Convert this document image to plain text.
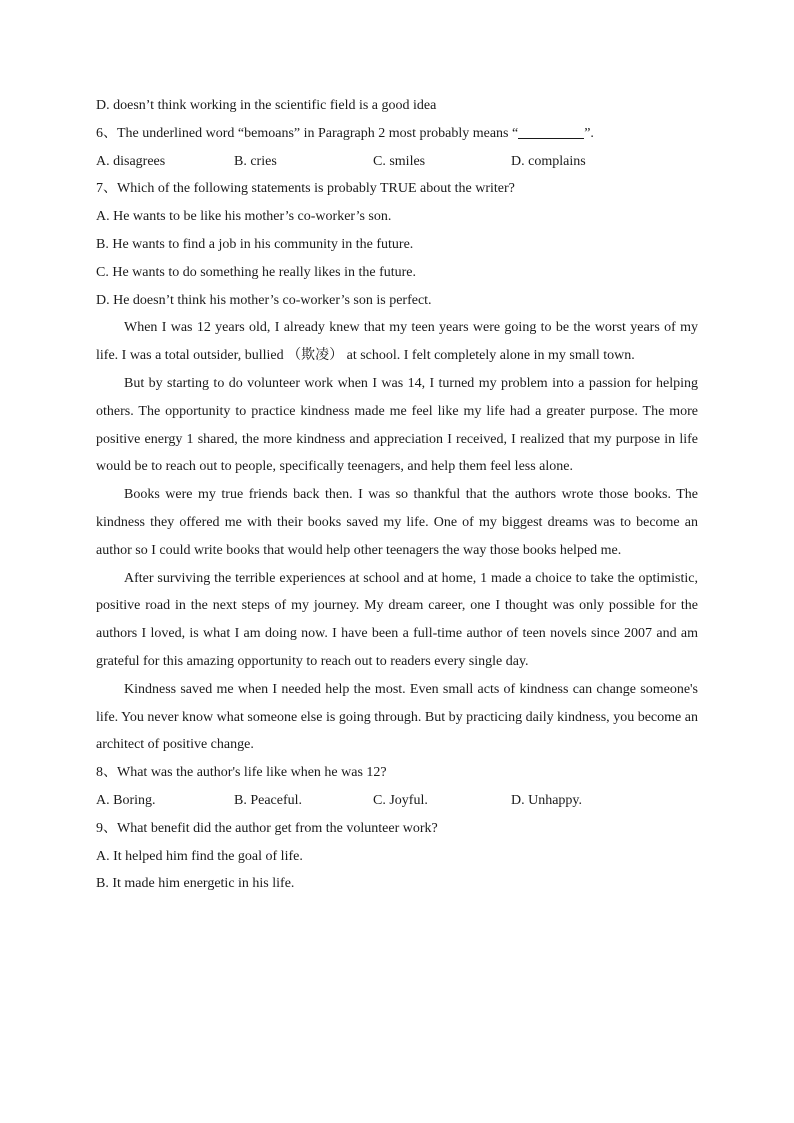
D. doesn’t think working in the scientific field is a good idea
6、The underlined word “bemoans” in Paragraph 2 most probably means “	”.
A. disagrees	B. cries	C. smiles	D. complains
7、Which of the following statements is probably TRUE about the writer?
A. He wants to be like his mother’s co-worker’s son.
B. He wants to find a job in his community in the future.
C. He wants to do something he really likes in the future.
D. He doesn’t think his mother’s co-worker’s son is perfect.

When I was 12 years old, I already knew that my teen years were going to be the worst years of my life. I was a total outsider, bullied （欺凌） at school. I felt completely alone in my small town.

But by starting to do volunteer work when I was 14, I turned my problem into a passion for helping others. The opportunity to practice kindness made me feel like my life had a greater purpose. The more positive energy 1 shared, the more kindness and appreciation I received, I realized that my purpose in life would be to reach out to people, specifically teenagers, and help them feel less alone.

Books were my true friends back then. I was so thankful that the authors wrote those books. The kindness they offered me with their books saved my life. One of my biggest dreams was to become an author so I could write books that would help other teenagers the way those books helped me.

After surviving the terrible experiences at school and at home, 1 made a choice to take the optimistic, positive road in the next steps of my journey. My dream career, one I thought was only possible for the authors I loved, is what I am doing now. I have been a full-time author of teen novels since 2007 and am grateful for this amazing opportunity to reach out to readers every single day.

Kindness saved me when I needed help the most. Even small acts of kindness can change someone's life. You never know what someone else is going through. But by practicing daily kindness, you become an architect of positive change.

8、What was the author's life like when he was 12?
A. Boring.	B. Peaceful.	C. Joyful.	D. Unhappy.
9、What benefit did the author get from the volunteer work?
A. It helped him find the goal of life.
B. It made him energetic in his life.
